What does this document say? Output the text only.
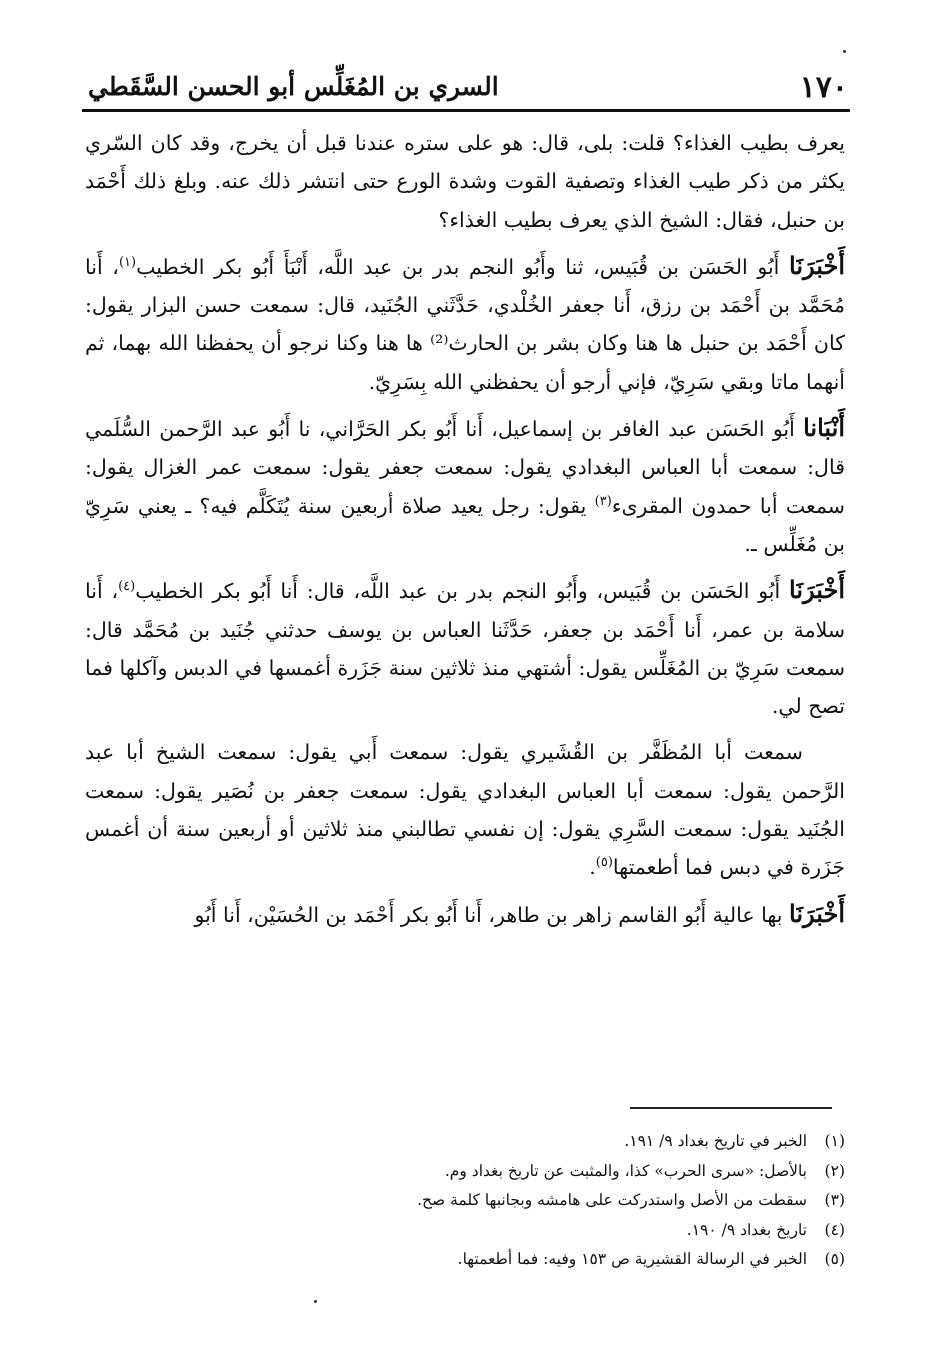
١٧٠
السري بن المُغَلِّس أبو الحسن السَّقَطي

يعرف بطيب الغذاء؟ قلت: بلى، قال: هو على ستره عندنا قبل أن يخرج، وقد كان السّري يكثر من ذكر طيب الغذاء وتصفية القوت وشدة الورع حتى انتشر ذلك عنه. وبلغ ذلك أَحْمَد بن حنبل، فقال: الشيخ الذي يعرف بطيب الغذاء؟

أَخْبَرَنَا أَبُو الحَسَن بن قُبَيس، ثنا وأَبُو النجم بدر بن عبد اللَّه، أَنْبَأَ أَبُو بكر الخطيب$^{(١)}$، أَنا مُحَمَّد بن أَحْمَد بن رزق، أَنا جعفر الخُلْدي، حَدَّثَني الجُنَيد، قال: سمعت حسن البزار يقول: كان أَحْمَد بن حنبل ها هنا وكان بشر بن الحارث⁽²⁾ ها هنا وكنا نرجو أن يحفظنا الله بهما، ثم أنهما ماتا وبقي سَرِيّ، فإني أرجو أن يحفظني الله بِسَرِيّ.

أَنْبَانا أَبُو الحَسَن عبد الغافر بن إسماعيل، أَنا أَبُو بكر الحَرَّاني، نا أَبُو عبد الرَّحمن السُّلَمي قال: سمعت أبا العباس البغدادي يقول: سمعت جعفر يقول: سمعت عمر الغزال يقول: سمعت أبا حمدون المقرىء$^{(٣)}$ يقول: رجل يعيد صلاة أربعين سنة يُتَكَلَّم فيه؟ ـ يعني سَرِيّ بن مُغَلِّس ـ.

أَخْبَرَنَا أَبُو الحَسَن بن قُبَيس، وأَبُو النجم بدر بن عبد اللَّه، قال: أَنا أَبُو بكر الخطيب$^{(٤)}$، أَنا سلامة بن عمر، أَنا أَحْمَد بن جعفر، حَدَّثَنا العباس بن يوسف حدثني جُنَيد بن مُحَمَّد قال: سمعت سَرِيّ بن المُغَلِّس يقول: أشتهي منذ ثلاثين سنة جَزَرة أغمسها في الدبس وآكلها فما تصح لي.

سمعت أبا المُظَفَّر بن القُشَيري يقول: سمعت أَبي يقول: سمعت الشيخ أبا عبد الرَّحمن يقول: سمعت أبا العباس البغدادي يقول: سمعت جعفر بن نُصَير يقول: سمعت الجُنَيد يقول: سمعت السَّرِي يقول: إن نفسي تطالبني منذ ثلاثين أو أربعين سنة أن أغمس جَزَرة في دبس فما أطعمتها$^{(٥)}$.

أَخْبَرَنَا بها عالية أَبُو القاسم زاهر بن طاهر، أَنا أَبُو بكر أَحْمَد بن الحُسَيْن، أَنا أَبُو

(١)الخبر في تاريخ بغداد ٩/ ١٩١.
(٢)بالأصل: «سرى الحرب» كذا، والمثبت عن تاريخ بغداد وم.
(٣)سقطت من الأصل واستدركت على هامشه وبجانبها كلمة صح.
(٤)تاريخ بغداد ٩/ ١٩٠.
(٥)الخبر في الرسالة القشيرية ص ١٥٣ وفيه: فما أطعمتها.
